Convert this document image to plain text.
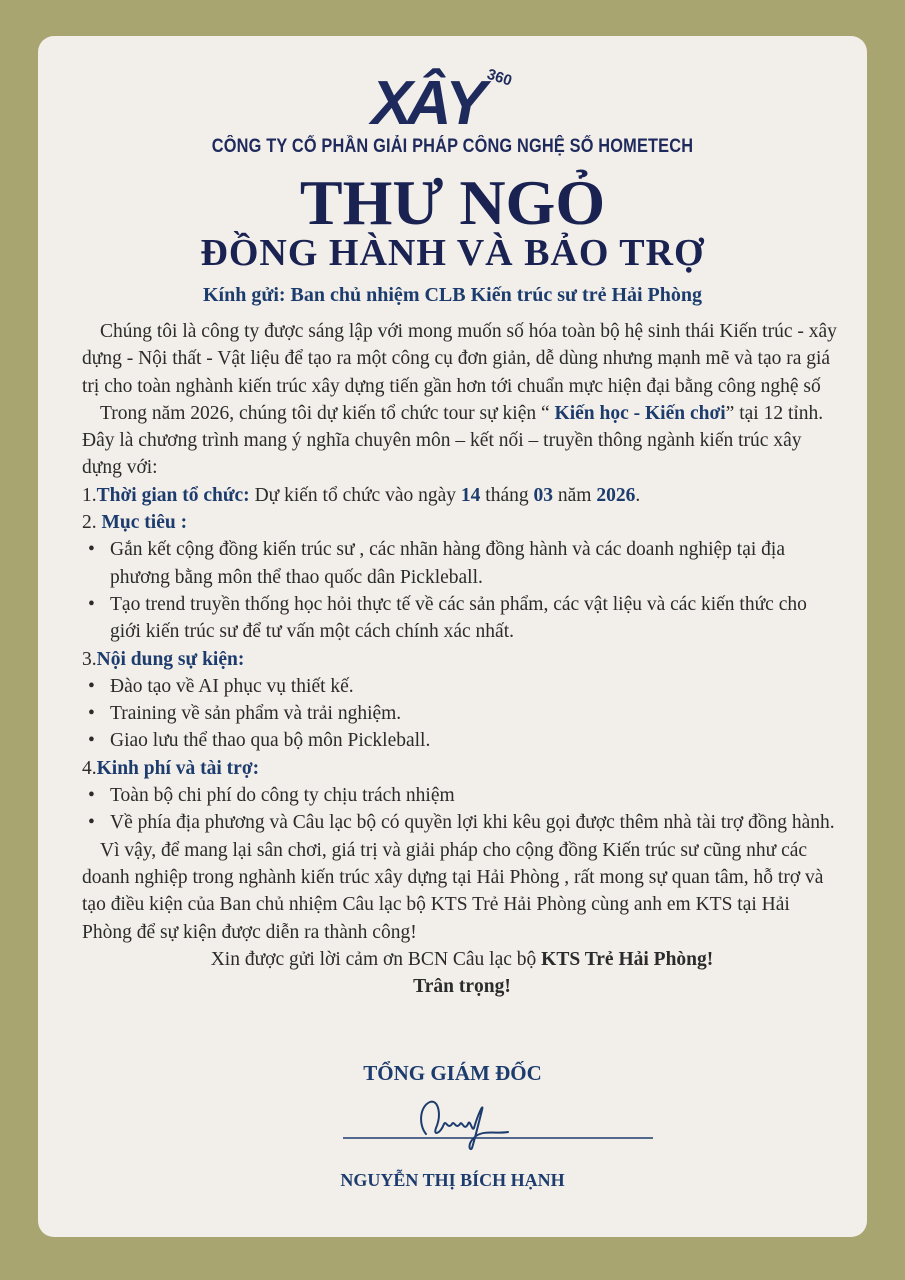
XÂY 360
CÔNG TY CỔ PHẦN GIẢI PHÁP CÔNG NGHỆ SỐ HOMETECH
THƯ NGỎ
ĐỒNG HÀNH VÀ BẢO TRỢ
Kính gửi: Ban chủ nhiệm CLB Kiến trúc sư trẻ Hải Phòng

Chúng tôi là công ty được sáng lập với mong muốn số hóa toàn bộ hệ sinh thái Kiến trúc - xây dựng - Nội thất - Vật liệu để tạo ra một công cụ đơn giản, dễ dùng nhưng mạnh mẽ và tạo ra giá trị cho toàn nghành kiến trúc xây dựng tiến gần hơn tới chuẩn mực hiện đại bằng công nghệ số

Trong năm 2026, chúng tôi dự kiến tổ chức tour sự kiện “ Kiến học - Kiến chơi” tại 12 tỉnh. Đây là chương trình mang ý nghĩa chuyên môn – kết nối – truyền thông ngành kiến trúc xây dựng với:

1.Thời gian tổ chức: Dự kiến tổ chức vào ngày 14 tháng 03 năm 2026.

2. Mục tiêu :

• Gắn kết cộng đồng kiến trúc sư , các nhãn hàng đồng hành và các doanh nghiệp tại địa phương bằng môn thể thao quốc dân Pickleball.

• Tạo trend truyền thống học hỏi thực tế về các sản phẩm, các vật liệu và các kiến thức cho giới kiến trúc sư để tư vấn một cách chính xác nhất.

3.Nội dung sự kiện:

• Đào tạo về AI phục vụ thiết kế.

• Training về sản phẩm và trải nghiệm.

• Giao lưu thể thao qua bộ môn Pickleball.

4.Kinh phí và tài trợ:

• Toàn bộ chi phí do công ty chịu trách nhiệm

• Về phía địa phương và Câu lạc bộ có quyền lợi khi kêu gọi được thêm nhà tài trợ đồng hành.

Vì vậy, để mang lại sân chơi, giá trị và giải pháp cho cộng đồng Kiến trúc sư cũng như các doanh nghiệp trong nghành kiến trúc xây dựng tại Hải Phòng , rất mong sự quan tâm, hỗ trợ và tạo điều kiện của Ban chủ nhiệm Câu lạc bộ KTS Trẻ Hải Phòng cùng anh em KTS tại Hải Phòng để sự kiện được diễn ra thành công!

Xin được gửi lời cảm ơn BCN Câu lạc bộ KTS Trẻ Hải Phòng!

Trân trọng!

TỔNG GIÁM ĐỐC
NGUYỄN THỊ BÍCH HẠNH
